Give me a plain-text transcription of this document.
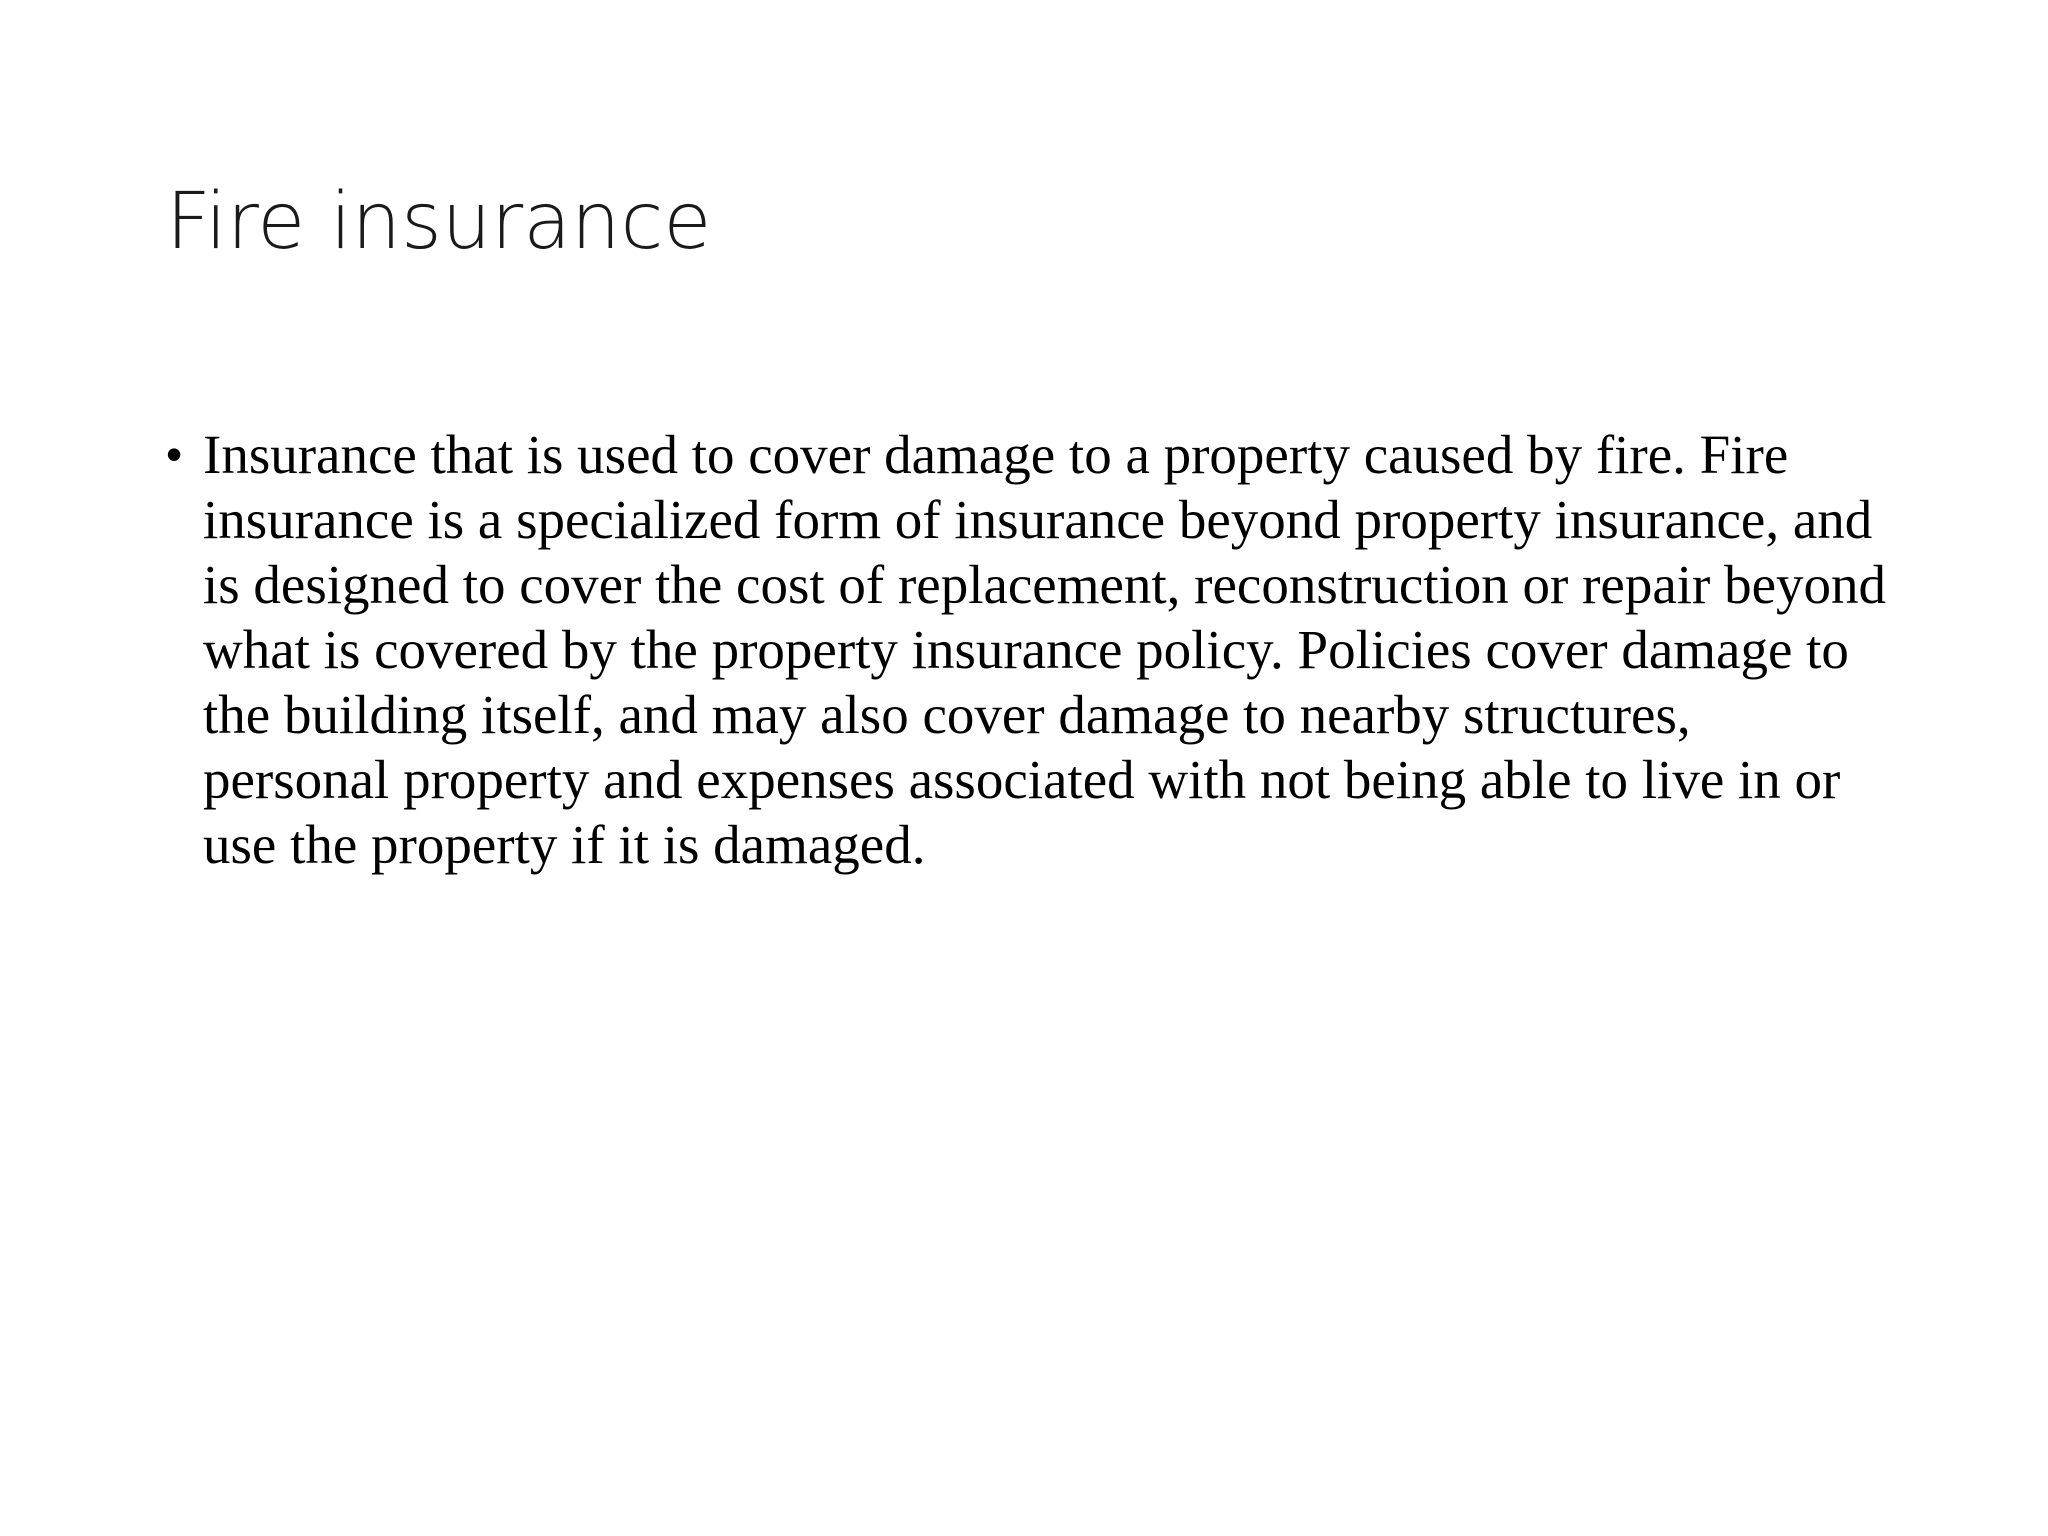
Fire insurance
• Insurance that is used to cover damage to a property caused by fire. Fire insurance is a specialized form of insurance beyond property insurance, and is designed to cover the cost of replacement, reconstruction or repair beyond what is covered by the property insurance policy. Policies cover damage to the building itself, and may also cover damage to nearby structures, personal property and expenses associated with not being able to live in or use the property if it is damaged.
